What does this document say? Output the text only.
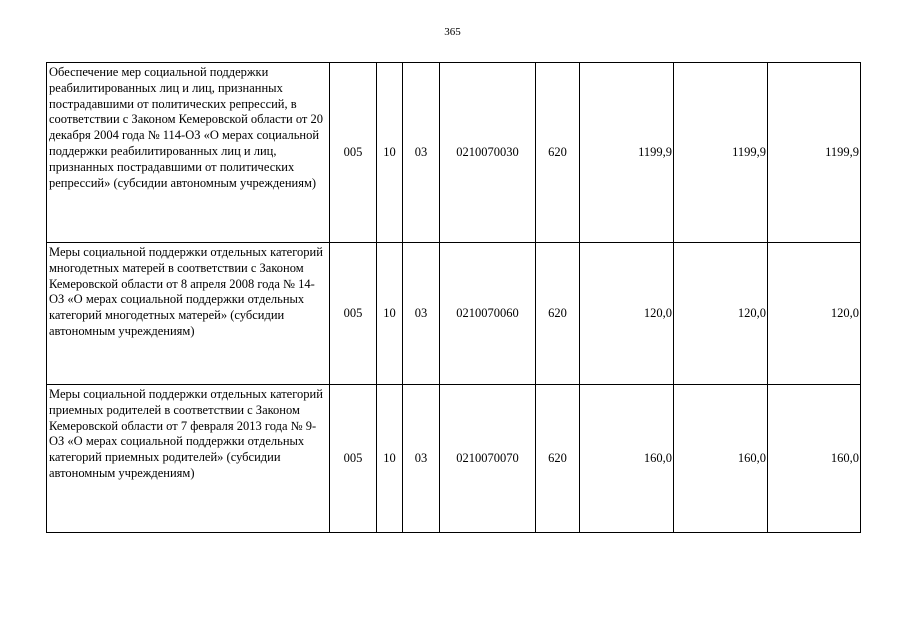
365
Обеспечение мер социальной поддержки реабилитированных лиц и лиц, признанных пострадавшими от политических репрессий, в соответствии с Законом Кемеровской области от 20 декабря 2004 года № 114-ОЗ «О мерах социальной поддержки реабилитированных лиц и лиц, признанных пострадавшими от политических репрессий» (субсидии автономным учреждениям)	005	10	03	0210070030	620	1199,9	1199,9	1199,9
Меры социальной поддержки отдельных категорий многодетных матерей в соответствии с Законом Кемеровской области от 8 апреля 2008 года № 14-ОЗ «О мерах социальной поддержки отдельных категорий многодетных матерей» (субсидии автономным учреждениям)	005	10	03	0210070060	620	120,0	120,0	120,0
Меры социальной поддержки отдельных категорий приемных родителей в соответствии с Законом Кемеровской области от 7 февраля 2013 года № 9-ОЗ «О мерах социальной поддержки отдельных категорий приемных родителей» (субсидии автономным учреждениям)	005	10	03	0210070070	620	160,0	160,0	160,0
